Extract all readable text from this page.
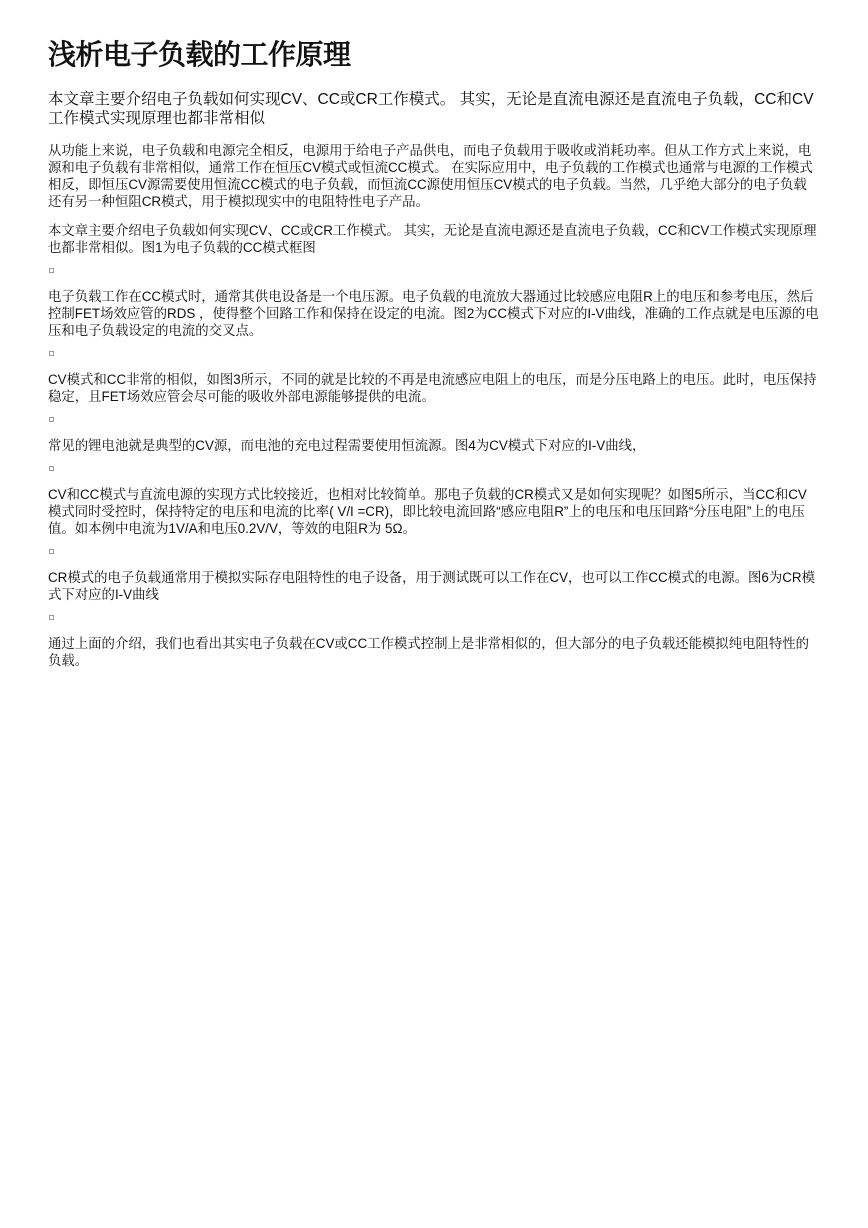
浅析电子负载的工作原理

本文章主要介绍电子负载如何实现CV、CC或CR工作模式。 其实，无论是直流电源还是直流电子负载，CC和CV工作模式实现原理也都非常相似

从功能上来说，电子负载和电源完全相反，电源用于给电子产品供电，而电子负载用于吸收或消耗功率。但从工作方式上来说，电源和电子负载有非常相似，通常工作在恒压CV模式或恒流CC模式。 在实际应用中，电子负载的工作模式也通常与电源的工作模式相反，即恒压CV源需要使用恒流CC模式的电子负载，而恒流CC源使用恒压CV模式的电子负载。当然，几乎绝大部分的电子负载还有另一种恒阻CR模式，用于模拟现实中的电阻特性电子产品。

本文章主要介绍电子负载如何实现CV、CC或CR工作模式。 其实，无论是直流电源还是直流电子负载，CC和CV工作模式实现原理也都非常相似。图1为电子负载的CC模式框图

电子负载工作在CC模式时，通常其供电设备是一个电压源。电子负载的电流放大器通过比较感应电阻R上的电压和参考电压，然后控制FET场效应管的RDS ，使得整个回路工作和保持在设定的电流。图2为CC模式下对应的I-V曲线，准确的工作点就是电压源的电压和电子负载设定的电流的交叉点。

CV模式和CC非常的相似，如图3所示，不同的就是比较的不再是电流感应电阻上的电压，而是分压电路上的电压。此时，电压保持稳定，且FET场效应管会尽可能的吸收外部电源能够提供的电流。

常见的锂电池就是典型的CV源，而电池的充电过程需要使用恒流源。图4为CV模式下对应的I-V曲线，

CV和CC模式与直流电源的实现方式比较接近，也相对比较简单。那电子负载的CR模式又是如何实现呢？如图5所示，当CC和CV模式同时受控时，保持特定的电压和电流的比率( V/I =CR)，即比较电流回路“感应电阻R”上的电压和电压回路“分压电阻”上的电压值。如本例中电流为1V/A和电压0.2V/V，等效的电阻R为 5Ω。

CR模式的电子负载通常用于模拟实际存电阻特性的电子设备，用于测试既可以工作在CV，也可以工作CC模式的电源。图6为CR模式下对应的I-V曲线

通过上面的介绍，我们也看出其实电子负载在CV或CC工作模式控制上是非常相似的，但大部分的电子负载还能模拟纯电阻特性的负载。
